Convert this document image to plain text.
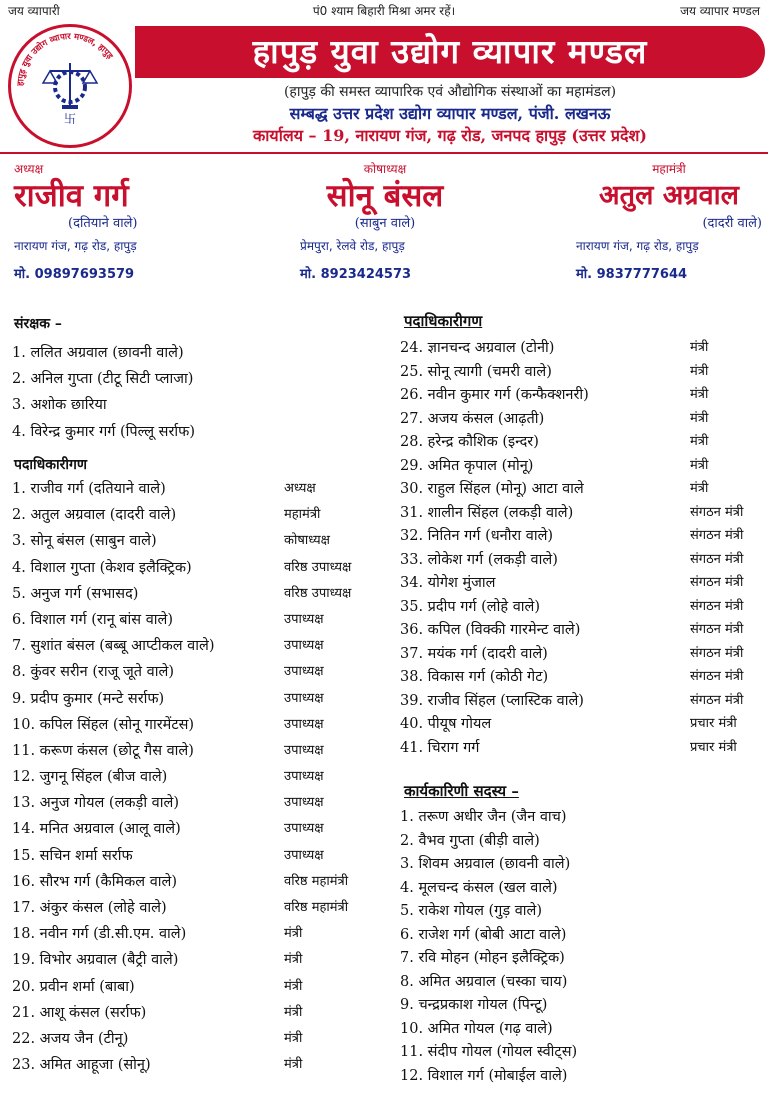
जय व्यापारी	पं0 श्याम बिहारी मिश्रा अमर रहें।	जय व्यापार मण्डल
हापुड़ युवा उद्योग व्यापार मण्डल, हापुड़
卐
हापुड़ युवा उद्योग व्यापार मण्डल
(हापुड़ की समस्त व्यापारिक एवं औद्योगिक संस्थाओं का महामंडल)
सम्बद्ध उत्तर प्रदेश उद्योग व्यापार मण्डल, पंजी. लखनऊ
कार्यालय – 19, नारायण गंज, गढ़ रोड, जनपद हापुड़ (उत्तर प्रदेश)
अध्यक्ष
राजीव गर्ग
(दतियाने वाले)
नारायण गंज, गढ़ रोड, हापुड़
मो. 09897693579
कोषाध्यक्ष
सोनू बंसल
(साबुन वाले)
प्रेमपुरा, रेलवे रोड, हापुड़
मो. 8923424573
महामंत्री
अतुल अग्रवाल
(दादरी वाले)
नारायण गंज, गढ़ रोड, हापुड़
मो. 9837777644
संरक्षक –
1. ललित अग्रवाल (छावनी वाले)
2. अनिल गुप्ता (टीटू सिटी प्लाजा)
3. अशोक छारिया
4. विरेन्द्र कुमार गर्ग (पिल्लू सर्राफ)
पदाधिकारीगण
1. राजीव गर्ग (दतियाने वाले)	अध्यक्ष
2. अतुल अग्रवाल (दादरी वाले)	महामंत्री
3. सोनू बंसल (साबुन वाले)	कोषाध्यक्ष
4. विशाल गुप्ता (केशव इलैक्ट्रिक)	वरिष्ठ उपाध्यक्ष
5. अनुज गर्ग (सभासद)	वरिष्ठ उपाध्यक्ष
6. विशाल गर्ग (रानू बांस वाले)	उपाध्यक्ष
7. सुशांत बंसल (बब्बू आप्टीकल वाले)	उपाध्यक्ष
8. कुंवर सरीन (राजू जूते वाले)	उपाध्यक्ष
9. प्रदीप कुमार (मन्टे सर्राफ)	उपाध्यक्ष
10. कपिल सिंहल (सोनू गारमेंटस)	उपाध्यक्ष
11. करूण कंसल (छोटू गैस वाले)	उपाध्यक्ष
12. जुगनू सिंहल (बीज वाले)	उपाध्यक्ष
13. अनुज गोयल (लकड़ी वाले)	उपाध्यक्ष
14. मनित अग्रवाल (आलू वाले)	उपाध्यक्ष
15. सचिन शर्मा सर्राफ	उपाध्यक्ष
16. सौरभ गर्ग (कैमिकल वाले)	वरिष्ठ महामंत्री
17. अंकुर कंसल (लोहे वाले)	वरिष्ठ महामंत्री
18. नवीन गर्ग (डी.सी.एम. वाले)	मंत्री
19. विभोर अग्रवाल (बैट्री वाले)	मंत्री
20. प्रवीन शर्मा (बाबा)	मंत्री
21. आशू कंसल (सर्राफ)	मंत्री
22. अजय जैन (टीनू)	मंत्री
23. अमित आहूजा (सोनू)	मंत्री
पदाधिकारीगण
24. ज्ञानचन्द अग्रवाल (टोनी)	मंत्री
25. सोनू त्यागी (चमरी वाले)	मंत्री
26. नवीन कुमार गर्ग (कन्फैक्शनरी)	मंत्री
27. अजय कंसल (आढ़ती)	मंत्री
28. हरेन्द्र कौशिक (इन्दर)	मंत्री
29. अमित कृपाल (मोनू)	मंत्री
30. राहुल सिंहल (मोनू) आटा वाले	मंत्री
31. शालीन सिंहल (लकड़ी वाले)	संगठन मंत्री
32. नितिन गर्ग (धनौरा वाले)	संगठन मंत्री
33. लोकेश गर्ग (लकड़ी वाले)	संगठन मंत्री
34. योगेश मुंजाल	संगठन मंत्री
35. प्रदीप गर्ग (लोहे वाले)	संगठन मंत्री
36. कपिल (विक्की गारमेन्ट वाले)	संगठन मंत्री
37. मयंक गर्ग (दादरी वाले)	संगठन मंत्री
38. विकास गर्ग (कोठी गेट)	संगठन मंत्री
39. राजीव सिंहल (प्लास्टिक वाले)	संगठन मंत्री
40. पीयूष गोयल	प्रचार मंत्री
41. चिराग गर्ग	प्रचार मंत्री
कार्यकारिणी सदस्य –
1. तरूण अधीर जैन (जैन वाच)
2. वैभव गुप्ता (बीड़ी वाले)
3. शिवम अग्रवाल (छावनी वाले)
4. मूलचन्द कंसल (खल वाले)
5. राकेश गोयल (गुड़ वाले)
6. राजेश गर्ग (बोबी आटा वाले)
7. रवि मोहन (मोहन इलैक्ट्रिक)
8. अमित अग्रवाल (चस्का चाय)
9. चन्द्रप्रकाश गोयल (पिन्टू)
10. अमित गोयल (गढ़ वाले)
11. संदीप गोयल (गोयल स्वीट्स)
12. विशाल गर्ग (मोबाईल वाले)
